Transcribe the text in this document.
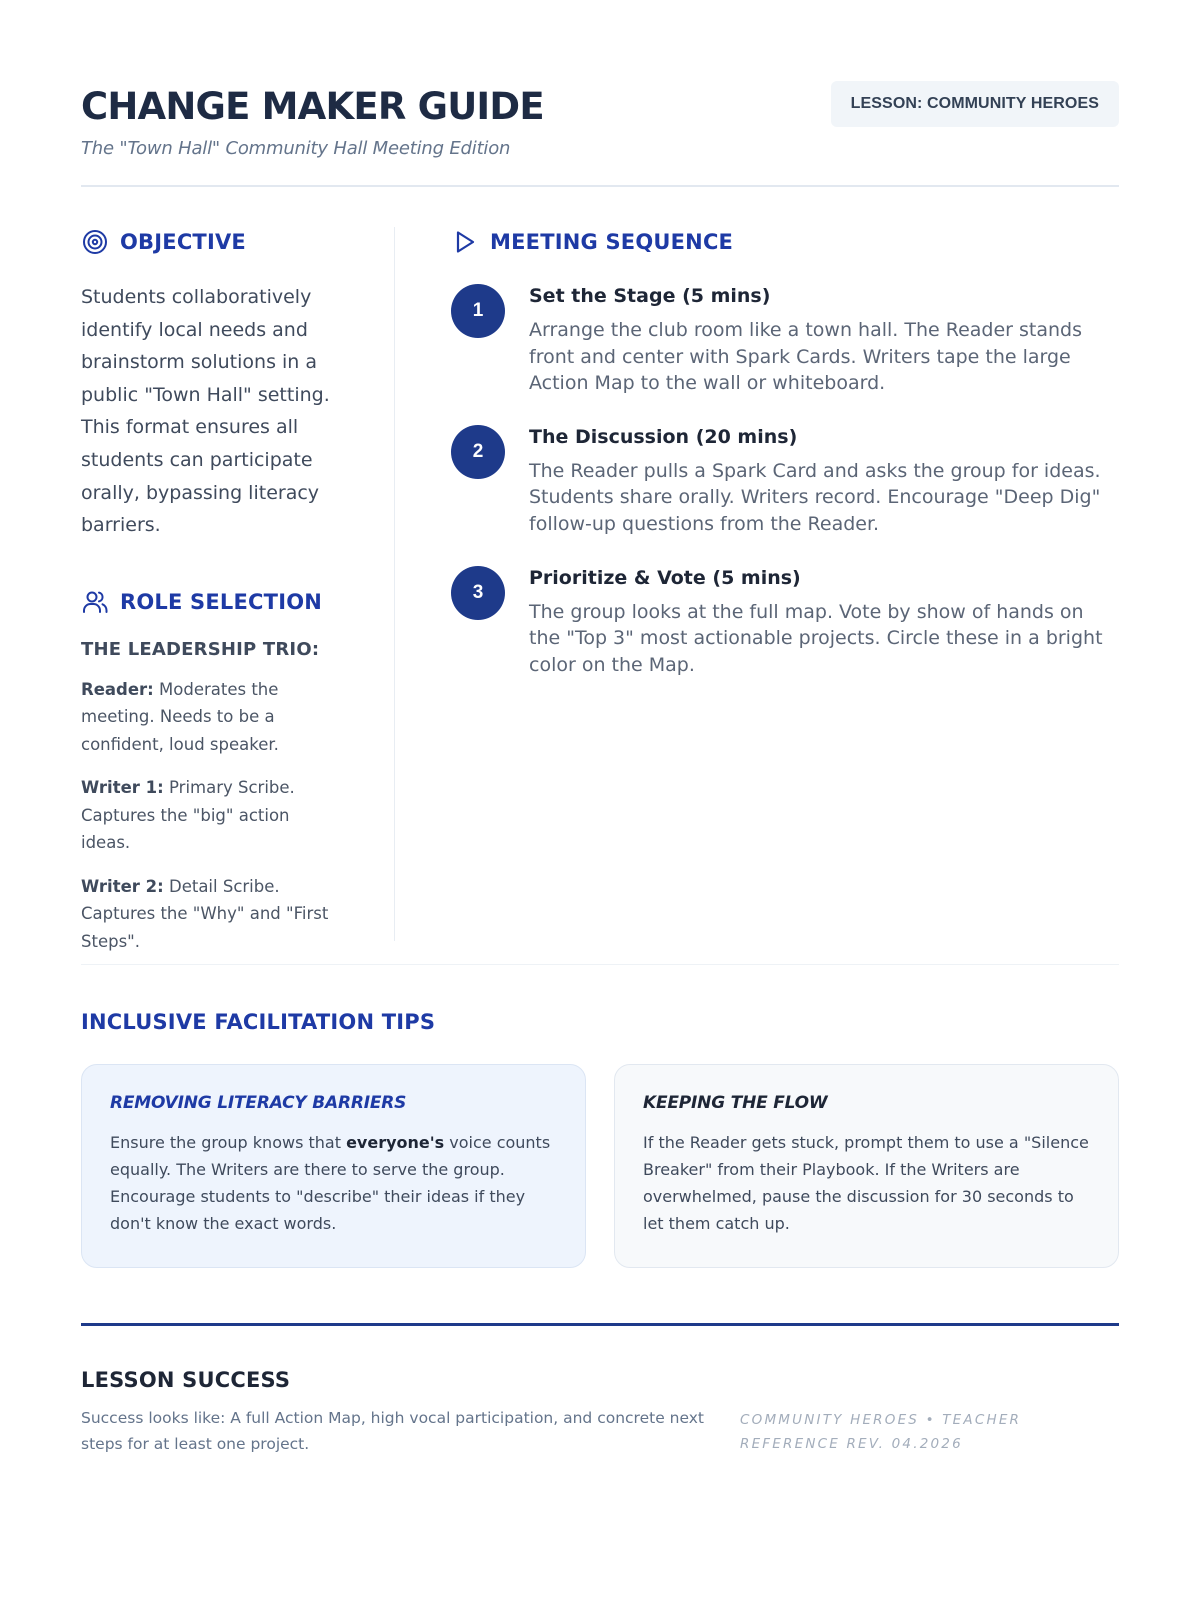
CHANGE MAKER GUIDE
The "Town Hall" Community Hall Meeting Edition
LESSON: COMMUNITY HEROES
OBJECTIVE
Students collaboratively identify local needs and brainstorm solutions in a public "Town Hall" setting. This format ensures all students can participate orally, bypassing literacy barriers.
ROLE SELECTION
THE LEADERSHIP TRIO:
Reader: Moderates the meeting. Needs to be a confident, loud speaker.
Writer 1: Primary Scribe. Captures the "big" action ideas.
Writer 2: Detail Scribe. Captures the "Why" and "First Steps".
MEETING SEQUENCE
1
Set the Stage (5 mins)
Arrange the club room like a town hall. The Reader stands front and center with Spark Cards. Writers tape the large Action Map to the wall or whiteboard.
2
The Discussion (20 mins)
The Reader pulls a Spark Card and asks the group for ideas. Students share orally. Writers record. Encourage "Deep Dig" follow-up questions from the Reader.
3
Prioritize & Vote (5 mins)
The group looks at the full map. Vote by show of hands on the "Top 3" most actionable projects. Circle these in a bright color on the Map.
INCLUSIVE FACILITATION TIPS
REMOVING LITERACY BARRIERS
Ensure the group knows that everyone's voice counts equally. The Writers are there to serve the group. Encourage students to "describe" their ideas if they don't know the exact words.
KEEPING THE FLOW
If the Reader gets stuck, prompt them to use a "Silence Breaker" from their Playbook. If the Writers are overwhelmed, pause the discussion for 30 seconds to let them catch up.
LESSON SUCCESS
Success looks like: A full Action Map, high vocal participation, and concrete next steps for at least one project.
COMMUNITY HEROES • TEACHER REFERENCE REV. 04.2026
